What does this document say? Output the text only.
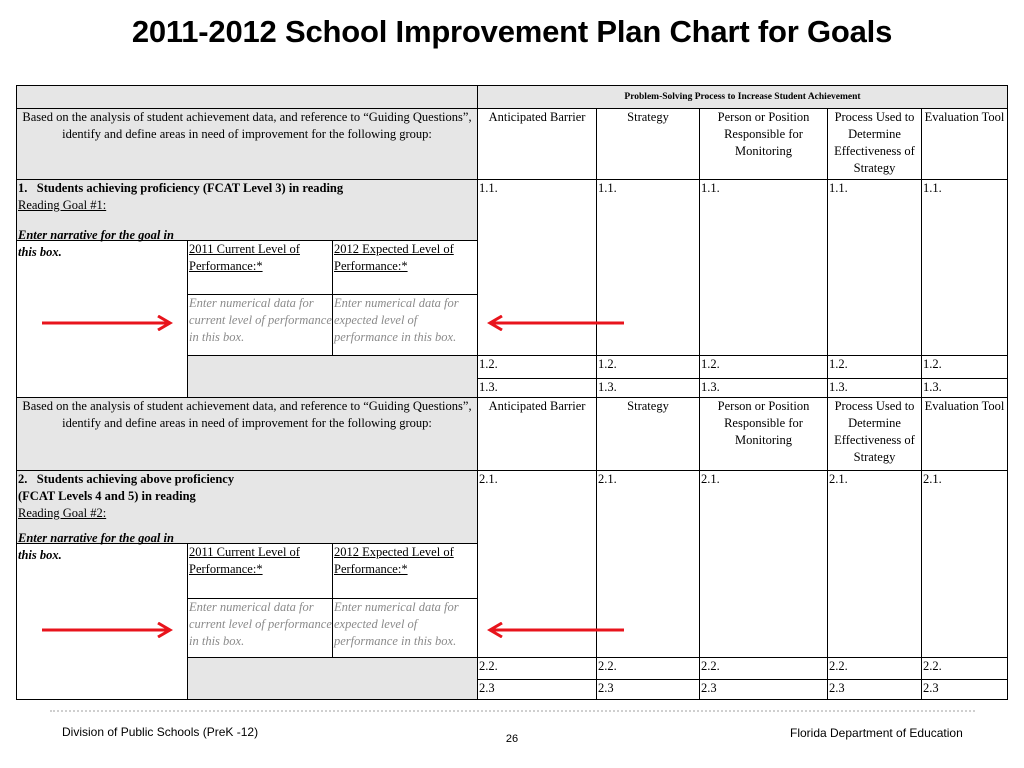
2011-2012 School Improvement Plan Chart for Goals
			Problem-Solving Process to Increase Student Achievement				
Based on the analysis of student achievement data, and reference to “Guiding Questions”, identify and define areas in need of improvement for the following group:			Anticipated Barrier	Strategy	Person or Position Responsible for Monitoring	Process Used to Determine Effectiveness of Strategy	Evaluation Tool
1. Students achieving proficiency (FCAT Level 3) in reading
Reading Goal #1:			1.1.	1.1.	1.1.	1.1.	1.1.

Enter narrative for the goal in this box.	2011 Current Level of Performance:*	2012 Expected Level of Performance:*					

	Enter numerical data for current level of performance in this box.	Enter numerical data for expected level of performance in this box.					

			1.2.	1.2.	1.2.	1.2.	1.2.
			1.3.	1.3.	1.3.	1.3.	1.3.
Based on the analysis of student achievement data, and reference to “Guiding Questions”, identify and define areas in need of improvement for the following group:			Anticipated Barrier	Strategy	Person or Position Responsible for Monitoring	Process Used to Determine Effectiveness of Strategy	Evaluation Tool
2. Students achieving above proficiency
(FCAT Levels 4 and 5) in reading
Reading Goal #2:			2.1.	2.1.	2.1.	2.1.	2.1.

Enter narrative for the goal in this box.	2011 Current Level of Performance:*	2012 Expected Level of Performance:*					

	Enter numerical data for current level of performance in this box.	Enter numerical data for expected level of performance in this box.					

			2.2.	2.2.	2.2.	2.2.	2.2.
			2.3	2.3	2.3	2.3	2.3
Division of Public Schools (PreK -12)	26	Florida Department of Education
